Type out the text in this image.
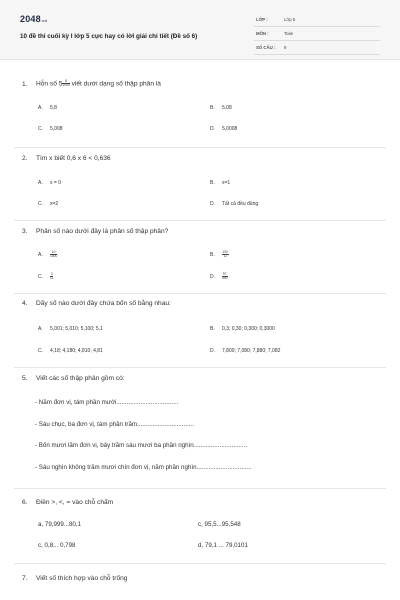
2048.vn
10 đề thi cuối kỳ I lớp 5 cực hay có lời giải chi tiết (Đề số 6)
LỚP :	Lớp 5
MÔN :	Toán
SỐ CÂU : 9
1. Hỗn số $5 \frac{8}{1000}$ viết dưới dạng số thập phân là
A. 5,8	B. 5,08
C. 5,008	D. 5,0008
2. Tìm x biết 0,6 x 6 < 0,636
A. x = 0	B. x=1
C. x=2	D. Tất cả đều đúng
3. Phân số nào dưới đây là phân số thập phân?
A. $\frac{10}{1000}$	B. $\frac{100}{11}$
C. $\frac{3}{11}$	D. $\frac{97}{400}$
4. Dãy số nào dưới đây chứa bốn số bằng nhau:
A. 5,001; 5,010; 5,100; 5,1	B. 0,3; 0,30; 0,300; 0,3000
C. 4,18; 4,180; 4,810; 4,81	D. 7,800; 7,080; 7,880; 7,082
5. Viết các số thập phân gồm có:
- Năm đơn vị, tám phần mười....................................
- Sáu chục, ba đơn vị, tám phần trăm.................................
- Bốn mươi lăm đơn vị, bảy trăm sáu mươi ba phần nghìn...............................
- Sáu nghìn không trăm mươi chín đơn vị, năm phần nghìn................................
6. Điền >, <, = vào chỗ chấm
a, 79,999...80,1	c, 95,5...95,548
c, 0,8... 0,798	d, 79,1 ... 79,0101
7. Viết số thích hợp vào chỗ trống
